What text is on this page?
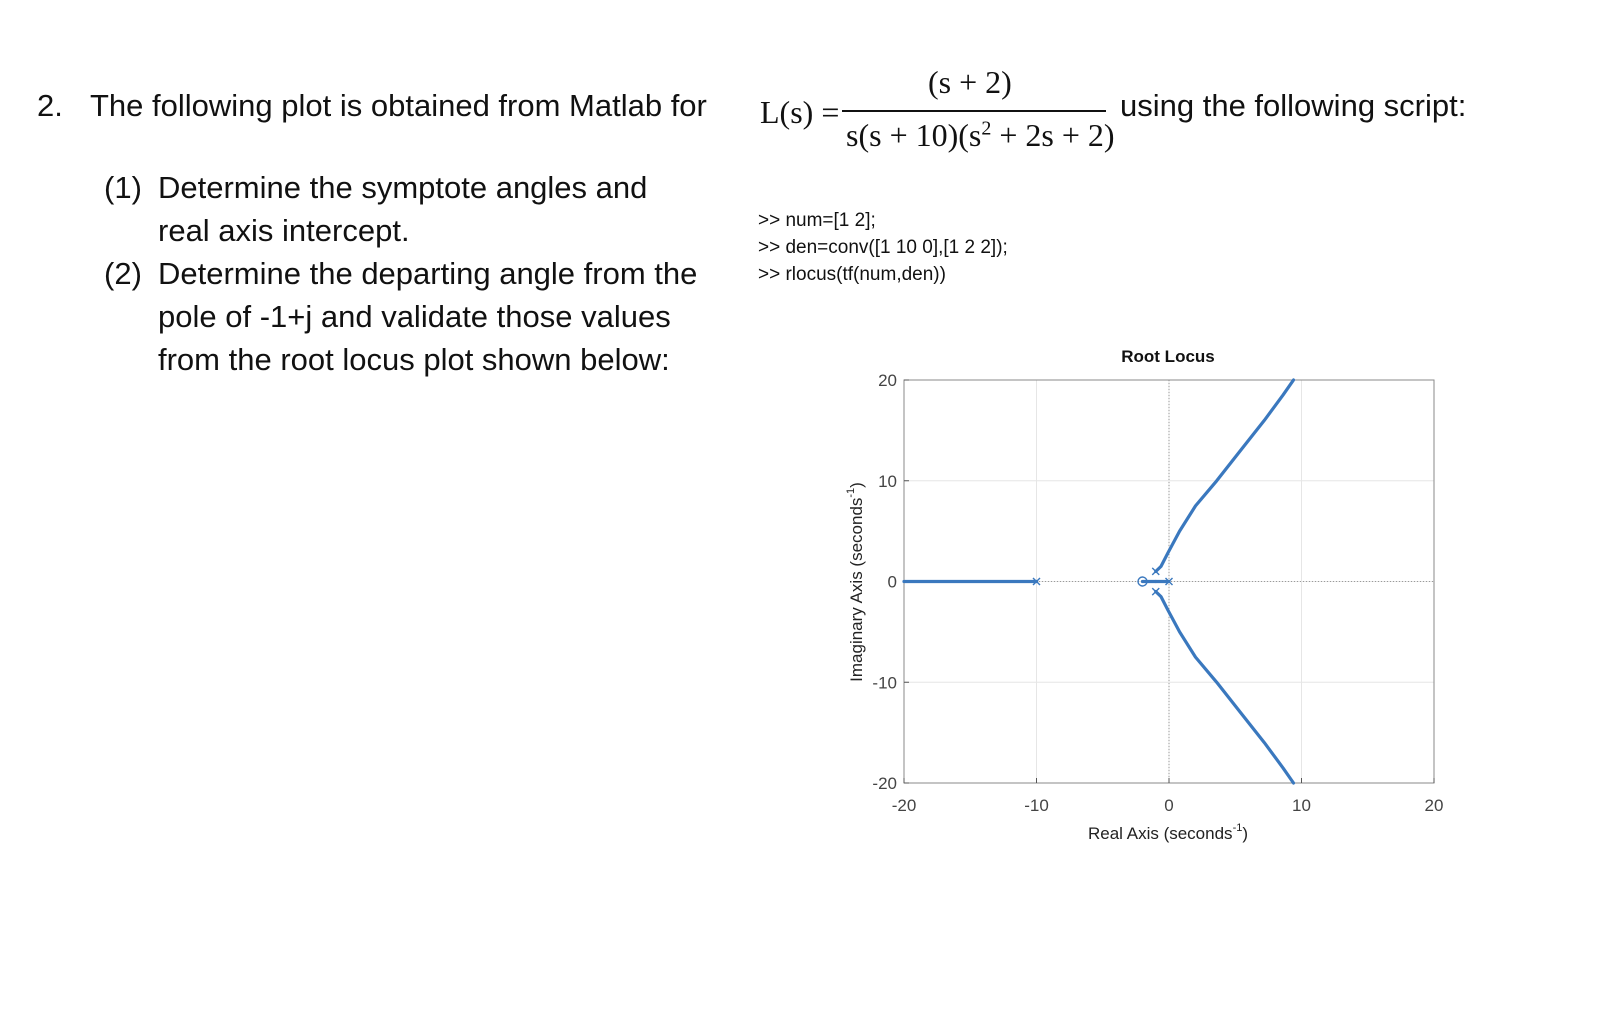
2. The following plot is obtained from Matlab for L(s) =
(s + 2)
$s(s + 10)(s^2 + 2s + 2)$
using the following script:
(1) Determine the symptote angles and
real axis intercept.
(2) Determine the departing angle from the
pole of -1+j and validate those values
from the root locus plot shown below:
>> num=[1 2];
>> den=conv([1 10 0],[1 2 2]);
>> rlocus(tf(num,den))
Root Locus
-20	-10	0	10	20
-20
-10
0
10
20
Real Axis (seconds$^{-1}$)
Imaginary Axis (seconds$^{-1}$)
